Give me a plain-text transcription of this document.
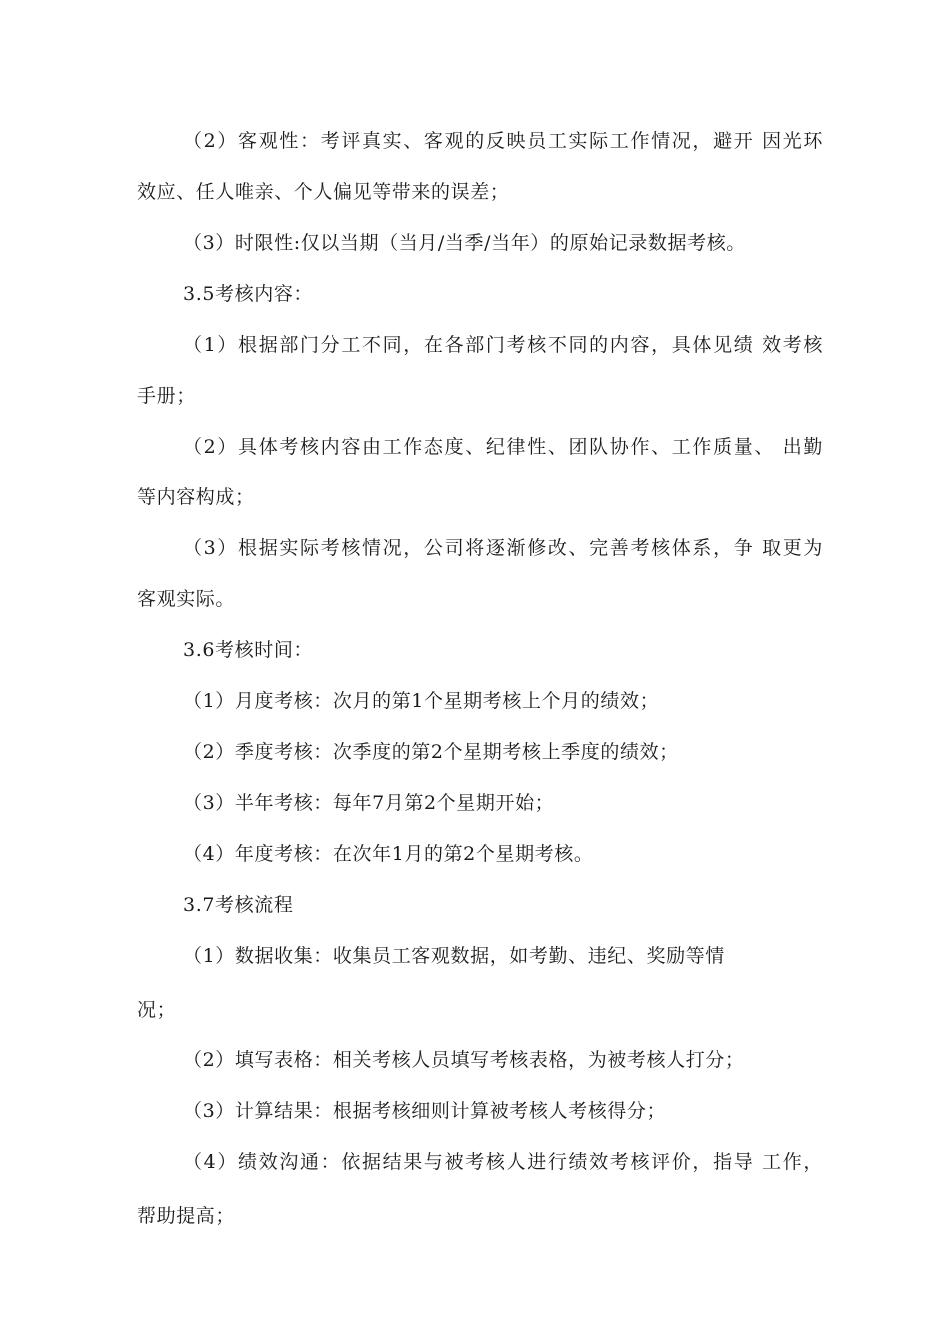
（2）客观性：考评真实、客观的反映员工实际工作情况，避开 因光环
效应、任人唯亲、个人偏见等带来的误差；
（3）时限性:仅以当期（当月/当季/当年）的原始记录数据考核。
3.5考核内容：
（1）根据部门分工不同，在各部门考核不同的内容，具体见绩 效考核
手册；
（2）具体考核内容由工作态度、纪律性、团队协作、工作质量、 出勤
等内容构成；
（3）根据实际考核情况，公司将逐渐修改、完善考核体系，争 取更为
客观实际。
3.6考核时间：
（1）月度考核：次月的第1个星期考核上个月的绩效；
（2）季度考核：次季度的第2个星期考核上季度的绩效；
（3）半年考核：每年7月第2个星期开始；
（4）年度考核：在次年1月的第2个星期考核。
3.7考核流程
（1）数据收集：收集员工客观数据，如考勤、违纪、奖励等情
况；
（2）填写表格：相关考核人员填写考核表格，为被考核人打分；
（3）计算结果：根据考核细则计算被考核人考核得分；
（4）绩效沟通：依据结果与被考核人进行绩效考核评价，指导 工作，
帮助提高；
